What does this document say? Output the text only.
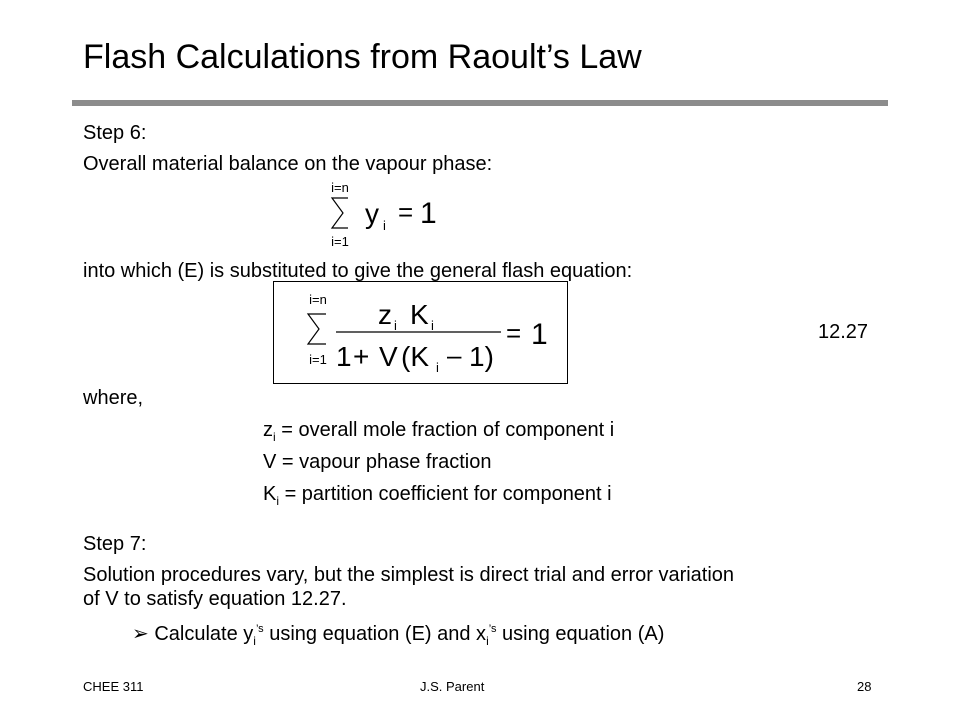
Flash Calculations from Raoult’s Law
Step 6:
Overall material balance on the vapour phase:
i=n
i=1
y i = 1
into which (E) is substituted to give the general flash equation:
i=n
i=1
z i K i
1 + V (K i – 1)
= 1	12.27
where,
$z_i$ = overall mole fraction of component i
V = vapour phase fraction
$K_i$ = partition coefficient for component i
Step 7:
Solution procedures vary, but the simplest is direct trial and error variation
of V to satisfy equation 12.27.
➢ Calculate $y_i^{’s}$ using equation (E) and $x_i^{’s}$ using equation (A)
CHEE 311	J.S. Parent	28
